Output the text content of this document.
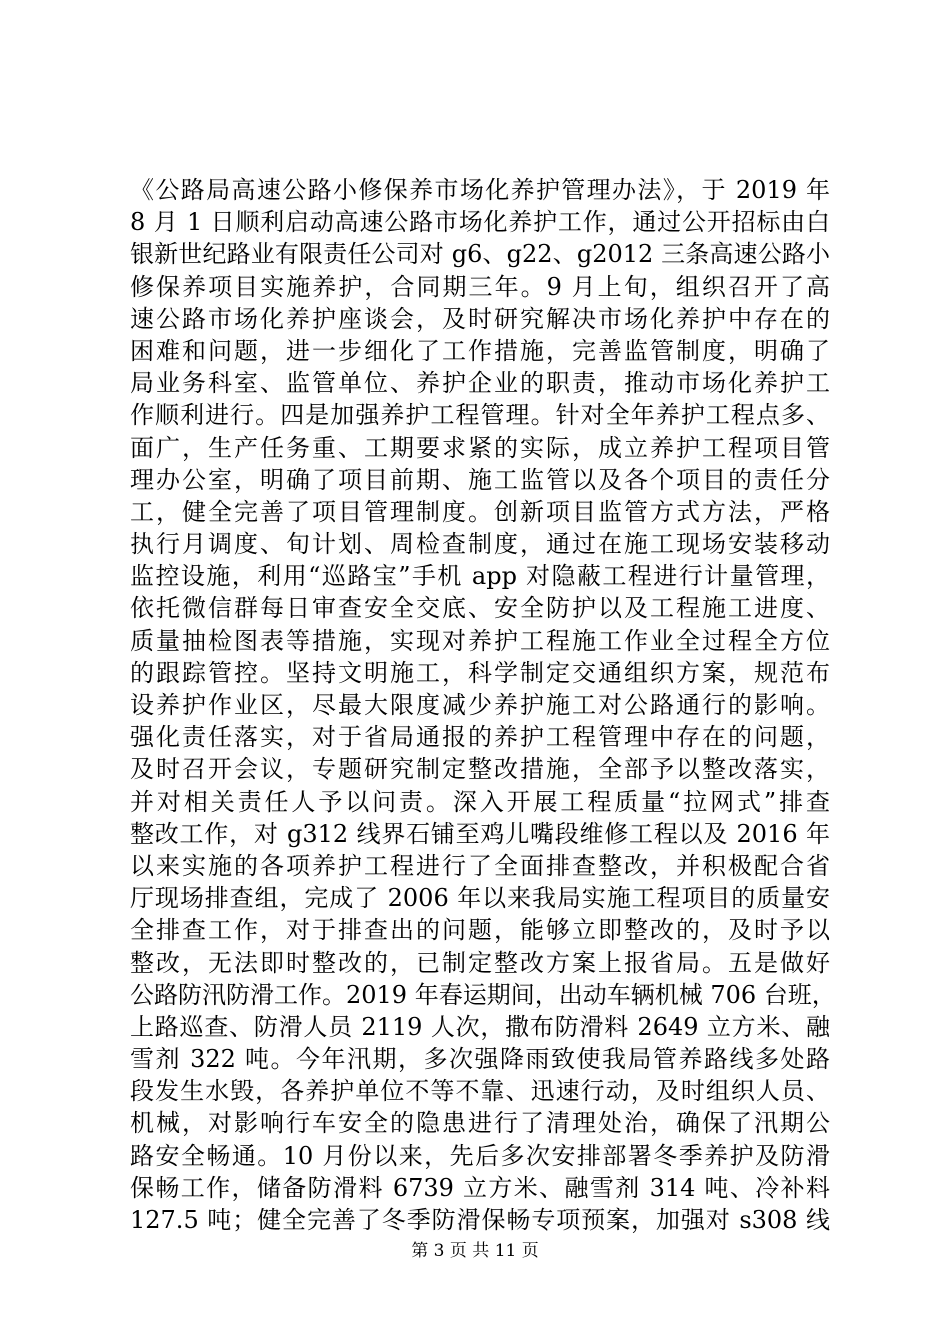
《公路局高速公路小修保养市场化养护管理办法》，于 2019 年
8 月 1 日顺利启动高速公路市场化养护工作，通过公开招标由白
银新世纪路业有限责任公司对 g6、g22、g2012 三条高速公路小
修保养项目实施养护，合同期三年。9 月上旬，组织召开了高
速公路市场化养护座谈会，及时研究解决市场化养护中存在的
困难和问题，进一步细化了工作措施，完善监管制度，明确了
局业务科室、监管单位、养护企业的职责，推动市场化养护工
作顺利进行。四是加强养护工程管理。针对全年养护工程点多、
面广，生产任务重、工期要求紧的实际，成立养护工程项目管
理办公室，明确了项目前期、施工监管以及各个项目的责任分
工，健全完善了项目管理制度。创新项目监管方式方法，严格
执行月调度、旬计划、周检查制度，通过在施工现场安装移动
监控设施，利用“巡路宝”手机 app 对隐蔽工程进行计量管理，
依托微信群每日审查安全交底、安全防护以及工程施工进度、
质量抽检图表等措施，实现对养护工程施工作业全过程全方位
的跟踪管控。坚持文明施工，科学制定交通组织方案，规范布
设养护作业区，尽最大限度减少养护施工对公路通行的影响。
强化责任落实，对于省局通报的养护工程管理中存在的问题，
及时召开会议，专题研究制定整改措施，全部予以整改落实，
并对相关责任人予以问责。深入开展工程质量“拉网式”排查
整改工作，对 g312 线界石铺至鸡儿嘴段维修工程以及 2016 年
以来实施的各项养护工程进行了全面排查整改，并积极配合省
厅现场排查组，完成了 2006 年以来我局实施工程项目的质量安
全排查工作，对于排查出的问题，能够立即整改的，及时予以
整改，无法即时整改的，已制定整改方案上报省局。五是做好
公路防汛防滑工作。2019 年春运期间，出动车辆机械 706 台班，
上路巡查、防滑人员 2119 人次，撒布防滑料 2649 立方米、融
雪剂 322 吨。今年汛期，多次强降雨致使我局管养路线多处路
段发生水毁，各养护单位不等不靠、迅速行动，及时组织人员、
机械，对影响行车安全的隐患进行了清理处治，确保了汛期公
路安全畅通。10 月份以来，先后多次安排部署冬季养护及防滑
保畅工作，储备防滑料 6739 立方米、融雪剂 314 吨、冷补料
127.5 吨；健全完善了冬季防滑保畅专项预案，加强对 s308 线
第 3 页 共 11 页
